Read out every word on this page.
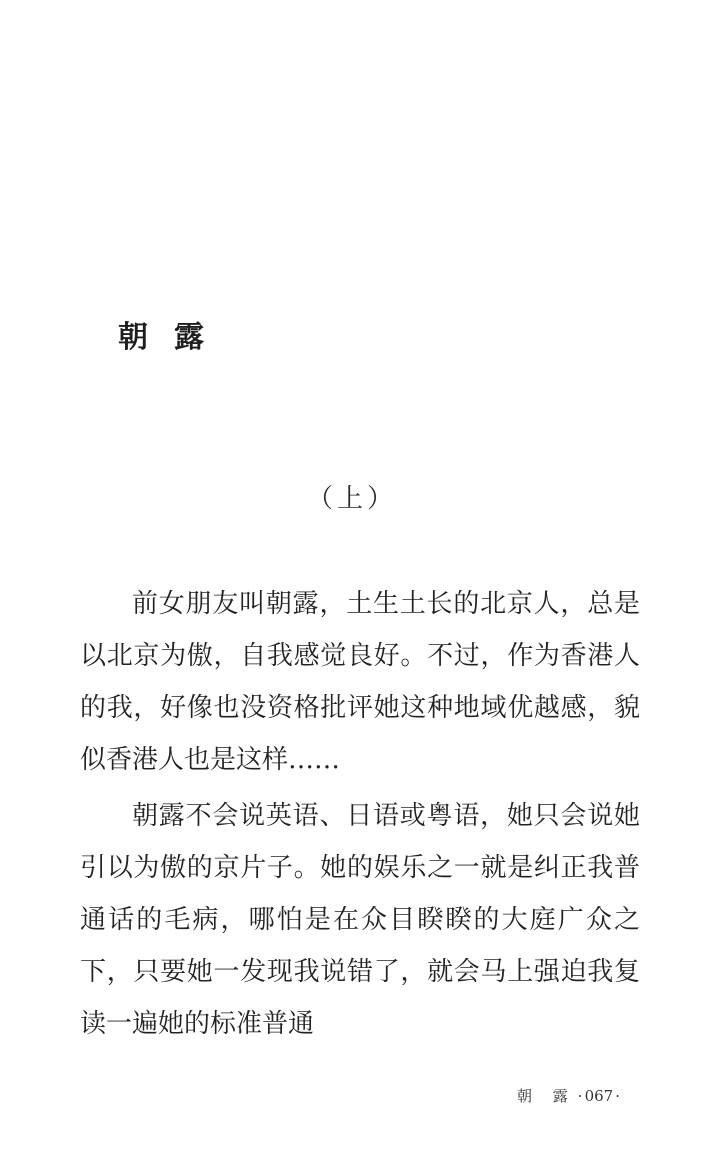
朝露
（上）

前女朋友叫朝露，土生土长的北京人，总是以北京为傲，自我感觉良好。不过，作为香港人的我，好像也没资格批评她这种地域优越感，貌似香港人也是这样……

朝露不会说英语、日语或粤语，她只会说她引以为傲的京片子。她的娱乐之一就是纠正我普通话的毛病，哪怕是在众目睽睽的大庭广众之下，只要她一发现我说错了，就会马上强迫我复读一遍她的标准普通

朝 露 · 067 ·
